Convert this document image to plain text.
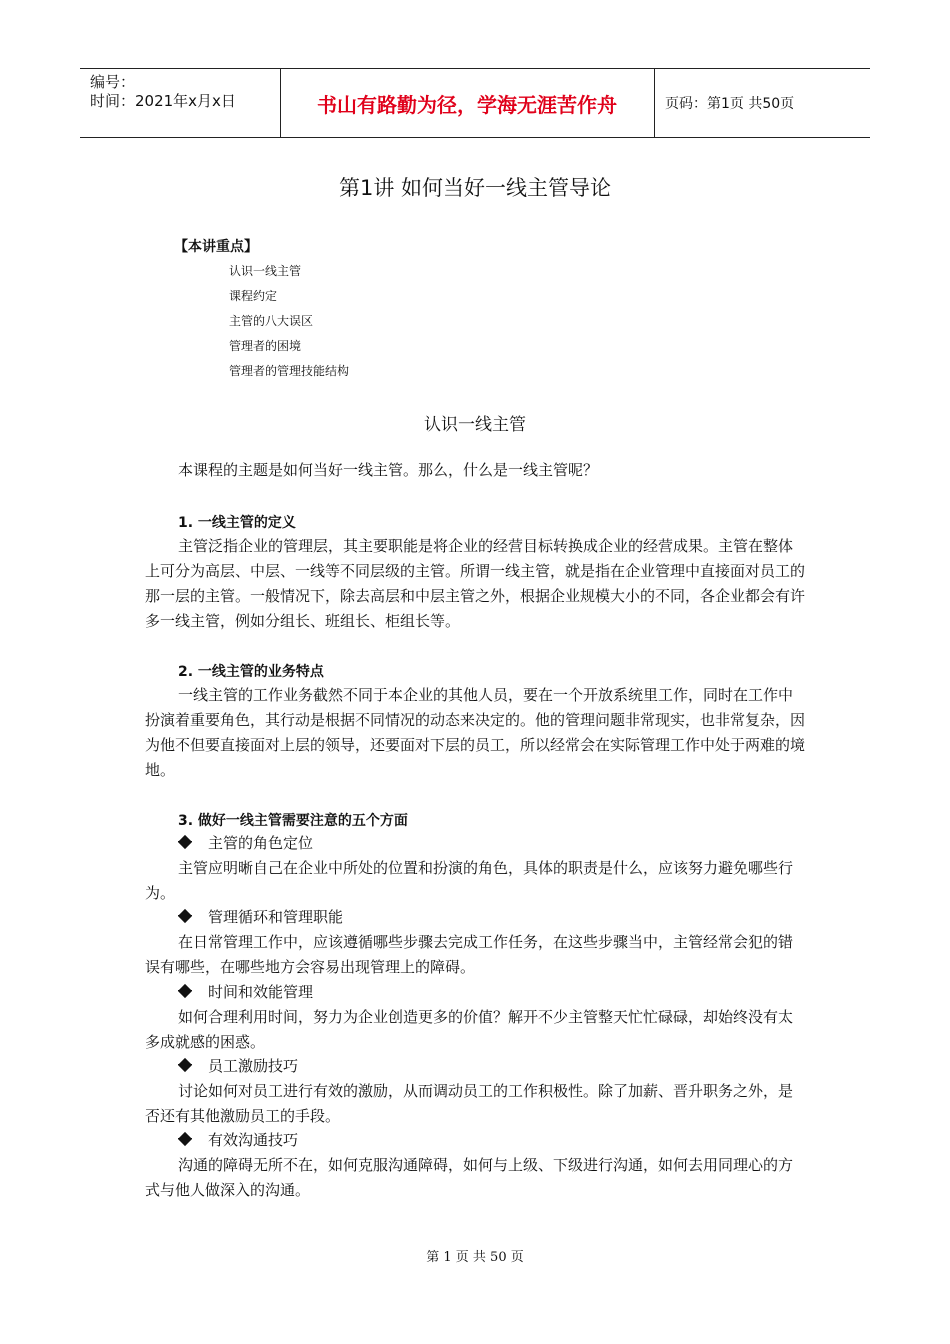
编号：
时间：2021年x月x日	书山有路勤为径，学海无涯苦作舟	页码：第1页 共50页
第1讲 如何当好一线主管导论
【本讲重点】
认识一线主管
课程约定
主管的八大误区
管理者的困境
管理者的管理技能结构
认识一线主管

本课程的主题是如何当好一线主管。那么，什么是一线主管呢？

1. 一线主管的定义

主管泛指企业的管理层，其主要职能是将企业的经营目标转换成企业的经营成果。主管在整体上可分为高层、中层、一线等不同层级的主管。所谓一线主管，就是指在企业管理中直接面对员工的那一层的主管。一般情况下，除去高层和中层主管之外，根据企业规模大小的不同，各企业都会有许多一线主管，例如分组长、班组长、柜组长等。

2. 一线主管的业务特点

一线主管的工作业务截然不同于本企业的其他人员，要在一个开放系统里工作，同时在工作中扮演着重要角色，其行动是根据不同情况的动态来决定的。他的管理问题非常现实，也非常复杂，因为他不但要直接面对上层的领导，还要面对下层的员工，所以经常会在实际管理工作中处于两难的境地。

3. 做好一线主管需要注意的五个方面
主管的角色定位

主管应明晰自己在企业中所处的位置和扮演的角色，具体的职责是什么，应该努力避免哪些行为。

管理循环和管理职能

在日常管理工作中，应该遵循哪些步骤去完成工作任务，在这些步骤当中，主管经常会犯的错误有哪些，在哪些地方会容易出现管理上的障碍。

时间和效能管理

如何合理利用时间，努力为企业创造更多的价值？解开不少主管整天忙忙碌碌，却始终没有太多成就感的困惑。

员工激励技巧

讨论如何对员工进行有效的激励，从而调动员工的工作积极性。除了加薪、晋升职务之外，是否还有其他激励员工的手段。

有效沟通技巧

沟通的障碍无所不在，如何克服沟通障碍，如何与上级、下级进行沟通，如何去用同理心的方式与他人做深入的沟通。

第 1 页 共 50 页
